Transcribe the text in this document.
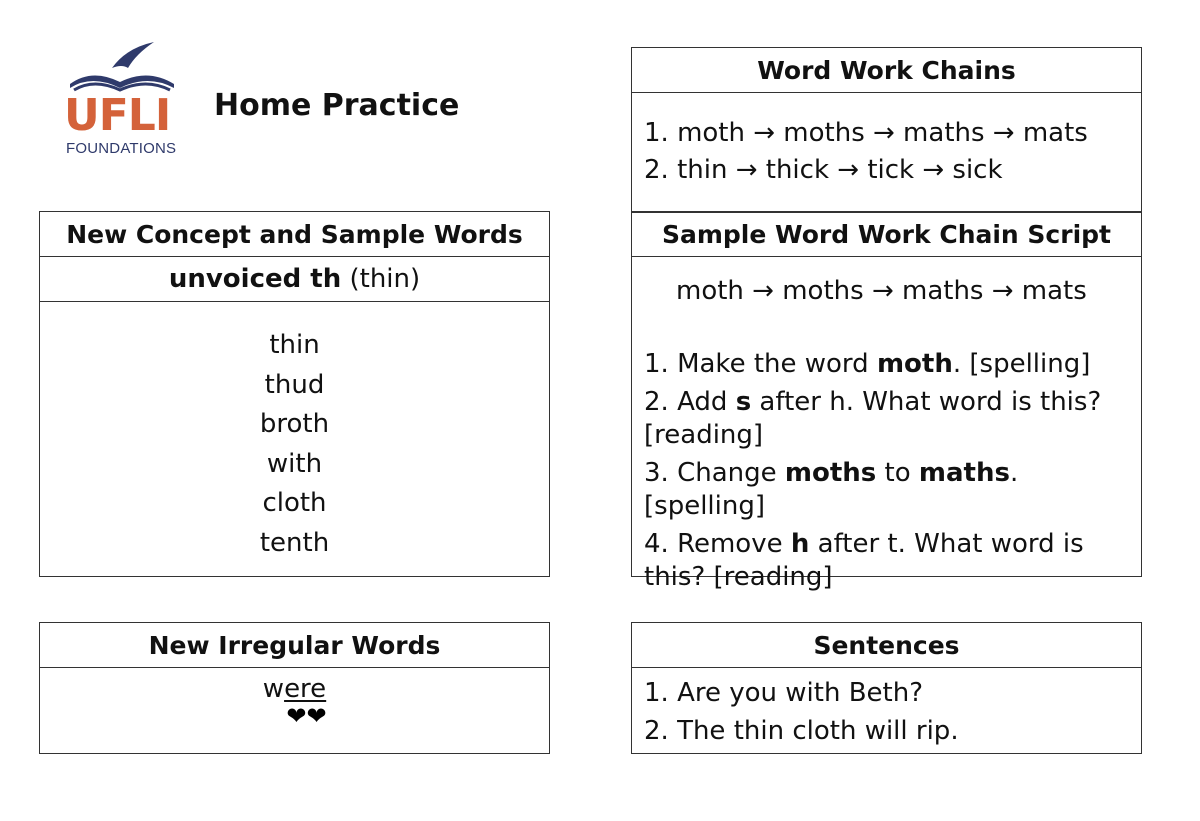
UFLI
FOUNDATIONS
Home Practice
New Concept and Sample Words
unvoiced th (thin)
thin
thud
broth
with
cloth
tenth
New Irregular Words
were
❤❤
Word Work Chains
1. moth → moths → maths → mats
2. thin → thick → tick → sick
Sample Word Work Chain Script
moth → moths → maths → mats
1. Make the word moth. [spelling]
2. Add s after h. What word is this? [reading]
3. Change moths to maths. [spelling]
4. Remove h after t. What word is this? [reading]
Sentences
1. Are you with Beth?
2. The thin cloth will rip.
